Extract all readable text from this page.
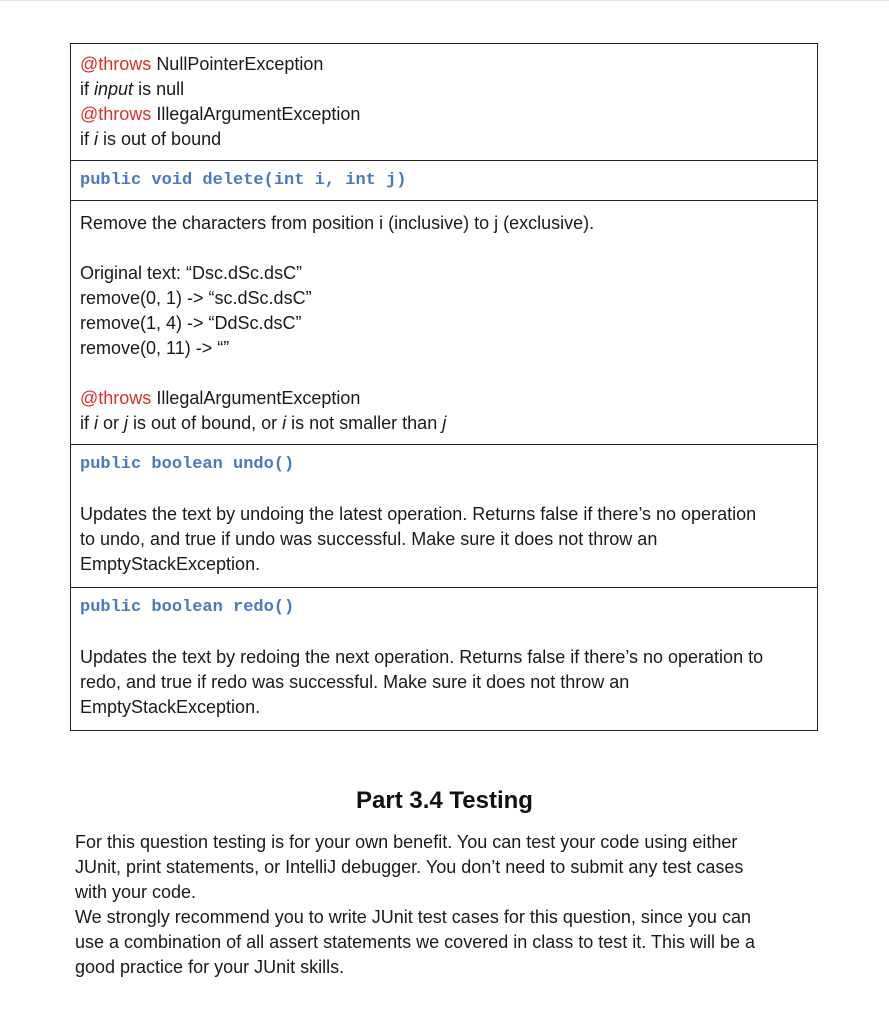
@throws NullPointerException
if input is null
@throws IllegalArgumentException
if i is out of bound
public void delete(int i, int j)
Remove the characters from position i (inclusive) to j (exclusive).
Original text: “Dsc.dSc.dsC”
remove(0, 1) -> “sc.dSc.dsC”
remove(1, 4) -> “DdSc.dsC”
remove(0, 11) -> “”
@throws IllegalArgumentException
if i or j is out of bound, or i is not smaller than j
public boolean undo()
Updates the text by undoing the latest operation. Returns false if there’s no operation
to undo, and true if undo was successful. Make sure it does not throw an
EmptyStackException.
public boolean redo()
Updates the text by redoing the next operation. Returns false if there’s no operation to
redo, and true if redo was successful. Make sure it does not throw an
EmptyStackException.
Part 3.4 Testing
For this question testing is for your own benefit. You can test your code using either
JUnit, print statements, or IntelliJ debugger. You don’t need to submit any test cases
with your code.
We strongly recommend you to write JUnit test cases for this question, since you can
use a combination of all assert statements we covered in class to test it. This will be a
good practice for your JUnit skills.
